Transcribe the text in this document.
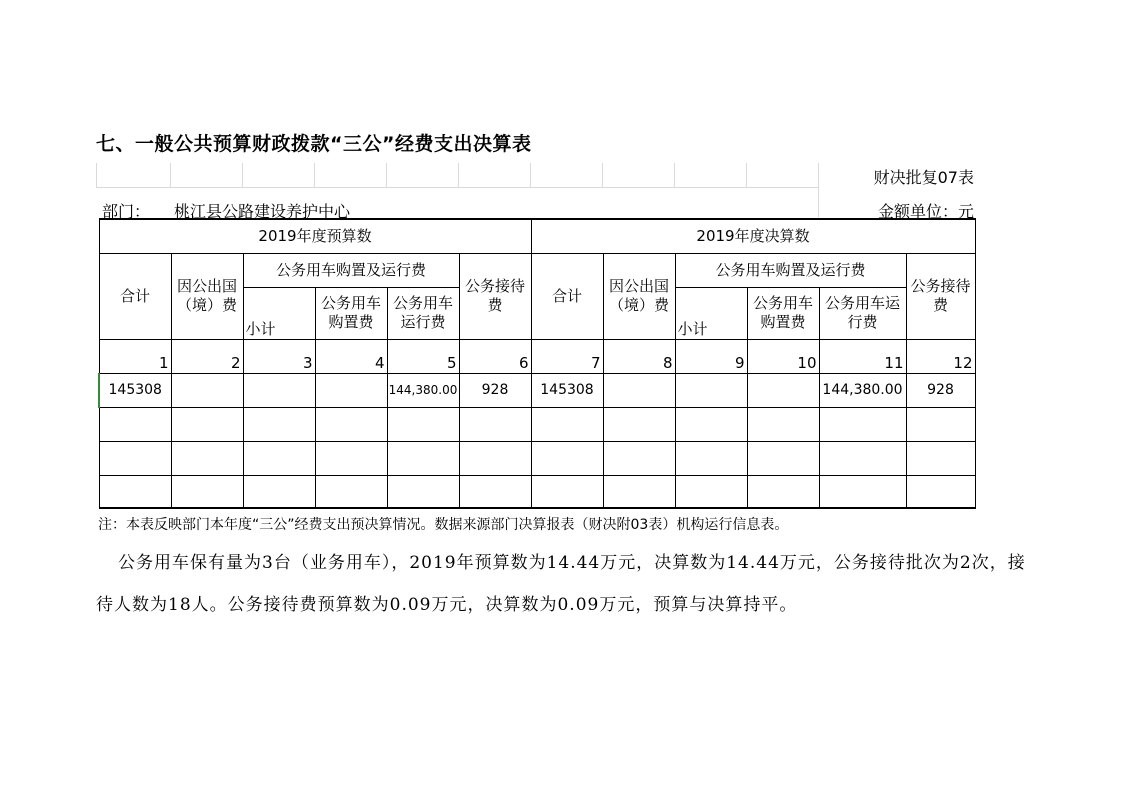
七、一般公共预算财政拨款“三公”经费支出决算表
财决批复07表
部门： 桃江县公路建设养护中心	金额单位：元
2019年度预算数						2019年度决算数					
合计	因公出国（境）费	公务用车购置及运行费			公务接待费	合计	因公出国（境）费	公务用车购置及运行费			公务接待费
		小计	公务用车购置费	公务用车运行费				小计	公务用车购置费	公务用车运行费	
1	2	3	4	5	6	7	8	9	10	11	12
145308				144,380.00	928	145308				144,380.00	928

注：本表反映部门本年度“三公”经费支出预决算情况。数据来源部门决算报表（财决附03表）机构运行信息表。

公务用车保有量为3台（业务用车），2019年预算数为14.44万元，决算数为14.44万元，公务接待批次为2次，接待人数为18人。公务接待费预算数为0.09万元，决算数为0.09万元，预算与决算持平。
